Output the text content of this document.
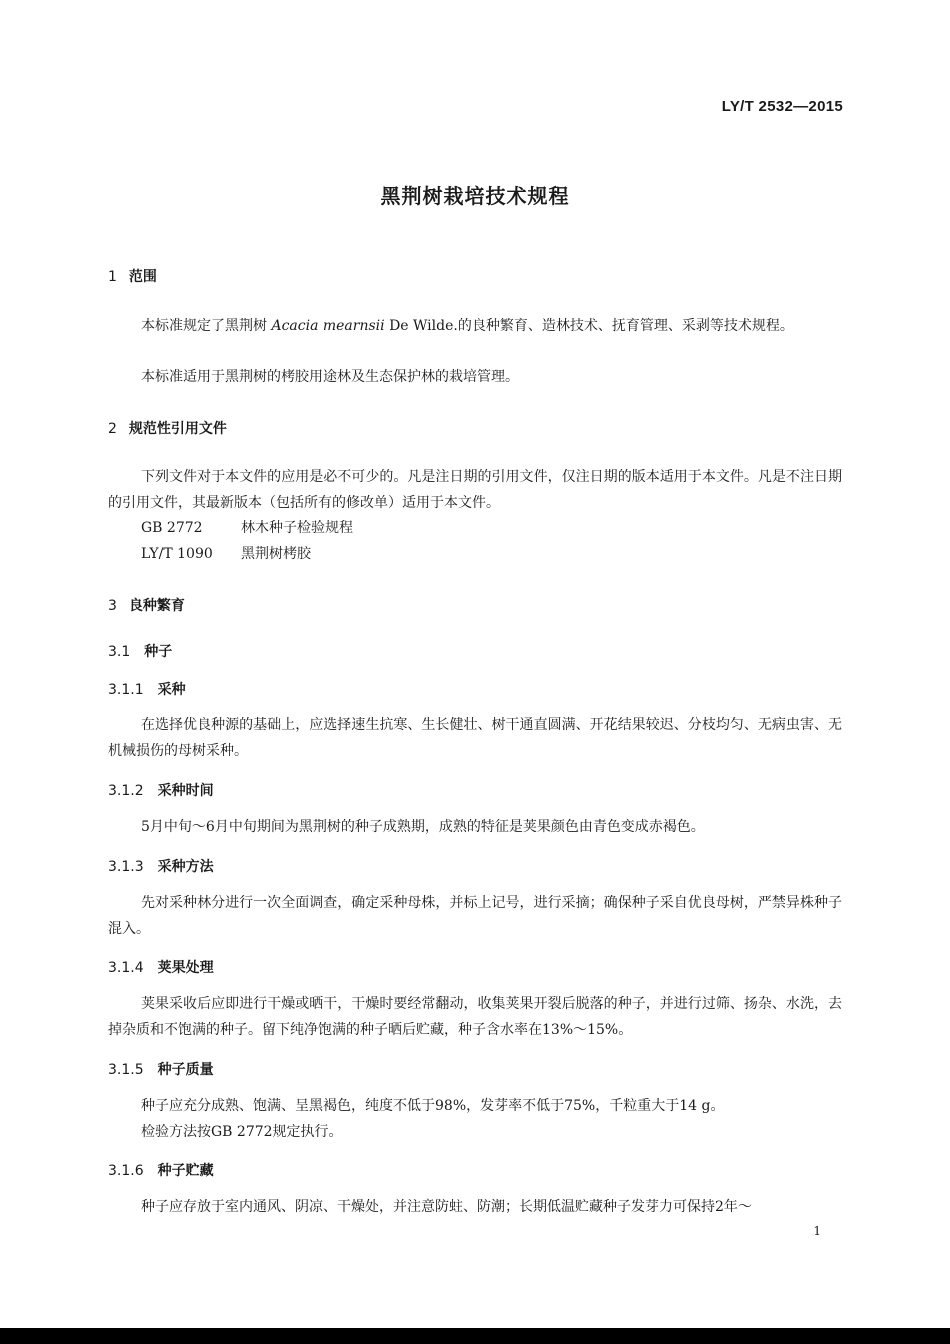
LY/T 2532—2015
黑荆树栽培技术规程
1 范围
本标准规定了黑荆树 Acacia mearnsii De Wilde.的良种繁育、造林技术、抚育管理、采剥等技术规程。
本标准适用于黑荆树的栲胶用途林及生态保护林的栽培管理。
2 规范性引用文件
下列文件对于本文件的应用是必不可少的。凡是注日期的引用文件，仅注日期的版本适用于本文件。凡是不注日期的引用文件，其最新版本（包括所有的修改单）适用于本文件。
GB 2772	林木种子检验规程
LY/T 1090 黑荆树栲胶
3 良种繁育
3.1 种子
3.1.1 采种
在选择优良种源的基础上，应选择速生抗寒、生长健壮、树干通直圆满、开花结果较迟、分枝均匀、无病虫害、无机械损伤的母树采种。
3.1.2 采种时间
5月中旬～6月中旬期间为黑荆树的种子成熟期，成熟的特征是荚果颜色由青色变成赤褐色。
3.1.3 采种方法
先对采种林分进行一次全面调查，确定采种母株，并标上记号，进行采摘；确保种子采自优良母树，严禁异株种子混入。
3.1.4 荚果处理
荚果采收后应即进行干燥或晒干，干燥时要经常翻动，收集荚果开裂后脱落的种子，并进行过筛、扬杂、水洗，去掉杂质和不饱满的种子。留下纯净饱满的种子晒后贮藏，种子含水率在13%～15%。
3.1.5 种子质量
种子应充分成熟、饱满、呈黑褐色，纯度不低于98%，发芽率不低于75%，千粒重大于14 g。
检验方法按GB 2772规定执行。
3.1.6 种子贮藏
种子应存放于室内通风、阴凉、干燥处，并注意防蛀、防潮；长期低温贮藏种子发芽力可保持2年～
1
